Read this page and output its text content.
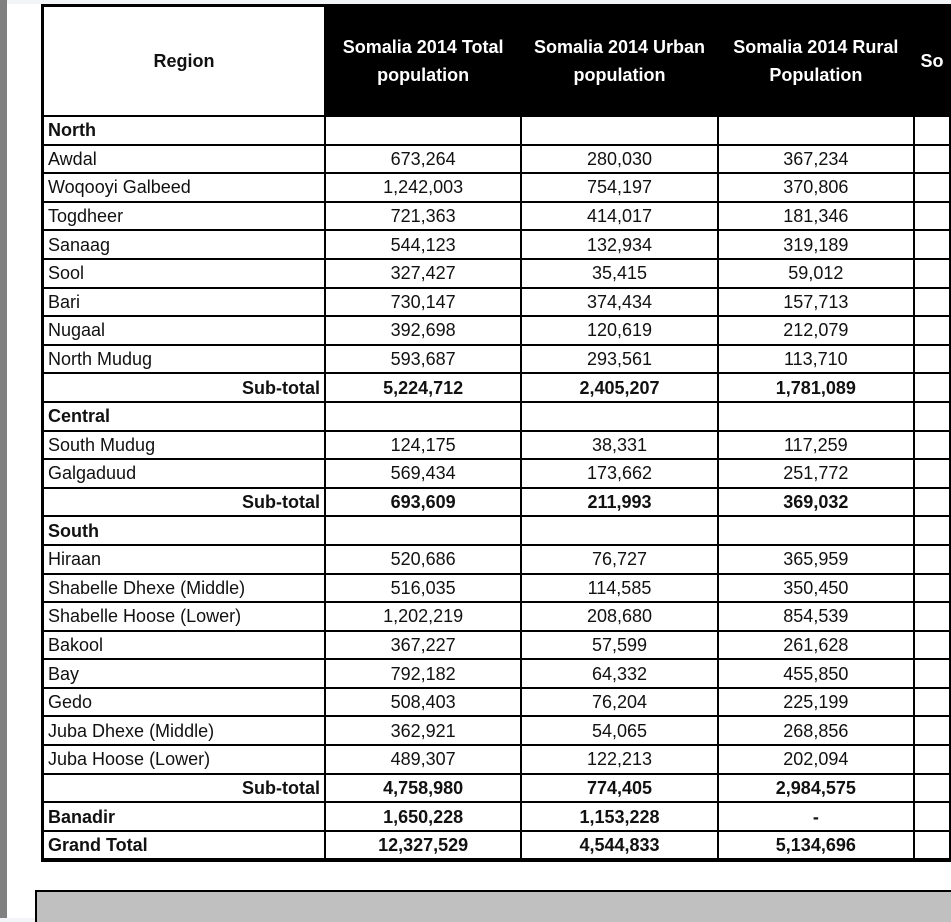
Region	Somalia 2014 Total population	Somalia 2014 Urban population	Somalia 2014 Rural Population	So
North				
Awdal	673,264	280,030	367,234	
Woqooyi Galbeed	1,242,003	754,197	370,806	
Togdheer	721,363	414,017	181,346	
Sanaag	544,123	132,934	319,189	
Sool	327,427	35,415	59,012	
Bari	730,147	374,434	157,713	
Nugaal	392,698	120,619	212,079	
North Mudug	593,687	293,561	113,710	
Sub-total	5,224,712	2,405,207	1,781,089	
Central				
South Mudug	124,175	38,331	117,259	
Galgaduud	569,434	173,662	251,772	
Sub-total	693,609	211,993	369,032	
South				
Hiraan	520,686	76,727	365,959	
Shabelle Dhexe (Middle)	516,035	114,585	350,450	
Shabelle Hoose (Lower)	1,202,219	208,680	854,539	
Bakool	367,227	57,599	261,628	
Bay	792,182	64,332	455,850	
Gedo	508,403	76,204	225,199	
Juba Dhexe (Middle)	362,921	54,065	268,856	
Juba Hoose (Lower)	489,307	122,213	202,094	
Sub-total	4,758,980	774,405	2,984,575	
Banadir	1,650,228	1,153,228	-	
Grand Total	12,327,529	4,544,833	5,134,696	
